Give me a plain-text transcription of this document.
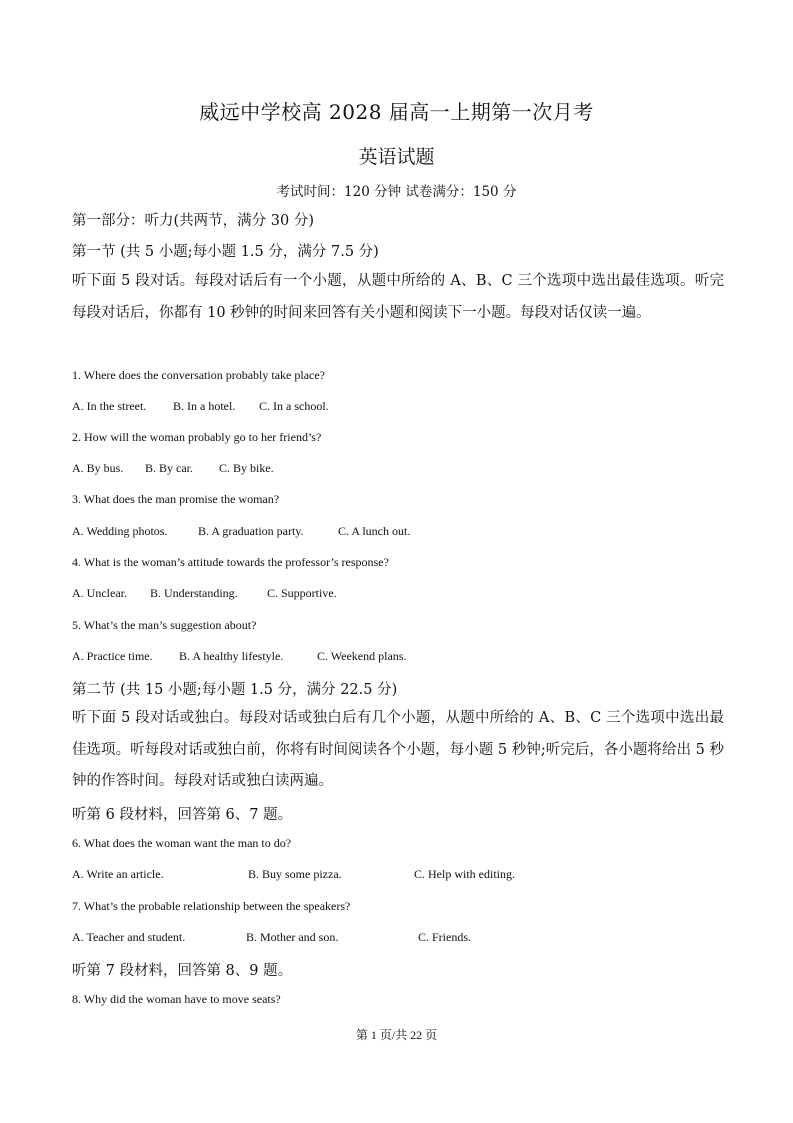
威远中学校高 2028 届高一上期第一次月考
英语试题
考试时间：120 分钟 试卷满分：150 分
第一部分：听力(共两节，满分 30 分)
第一节 (共 5 小题;每小题 1.5 分，满分 7.5 分)
听下面 5 段对话。每段对话后有一个小题，从题中所给的 A、B、C 三个选项中选出最佳选项。听完每段对话后，你都有 10 秒钟的时间来回答有关小题和阅读下一小题。每段对话仅读一遍。
1. Where does the conversation probably take place?
A. In the street. B. In a hotel. C. In a school.
2. How will the woman probably go to her friend’s?
A. By bus. B. By car. C. By bike.
3. What does the man promise the woman?
A. Wedding photos.	B. A graduation party.	C. A lunch out.
4. What is the woman’s attitude towards the professor’s response?
A. Unclear. B. Understanding. C. Supportive.
5. What’s the man’s suggestion about?
A. Practice time. B. A healthy lifestyle.	C. Weekend plans.
第二节 (共 15 小题;每小题 1.5 分，满分 22.5 分)
听下面 5 段对话或独白。每段对话或独白后有几个小题，从题中所给的 A、B、C 三个选项中选出最佳选项。听每段对话或独白前，你将有时间阅读各个小题，每小题 5 秒钟;听完后，各小题将给出 5 秒钟的作答时间。每段对话或独白读两遍。
听第 6 段材料，回答第 6、7 题。
6. What does the woman want the man to do?
A. Write an article.	B. Buy some pizza.	C. Help with editing.
7. What’s the probable relationship between the speakers?
A. Teacher and student.	B. Mother and son.	C. Friends.
听第 7 段材料，回答第 8、9 题。
8. Why did the woman have to move seats?
第 1 页/共 22 页
